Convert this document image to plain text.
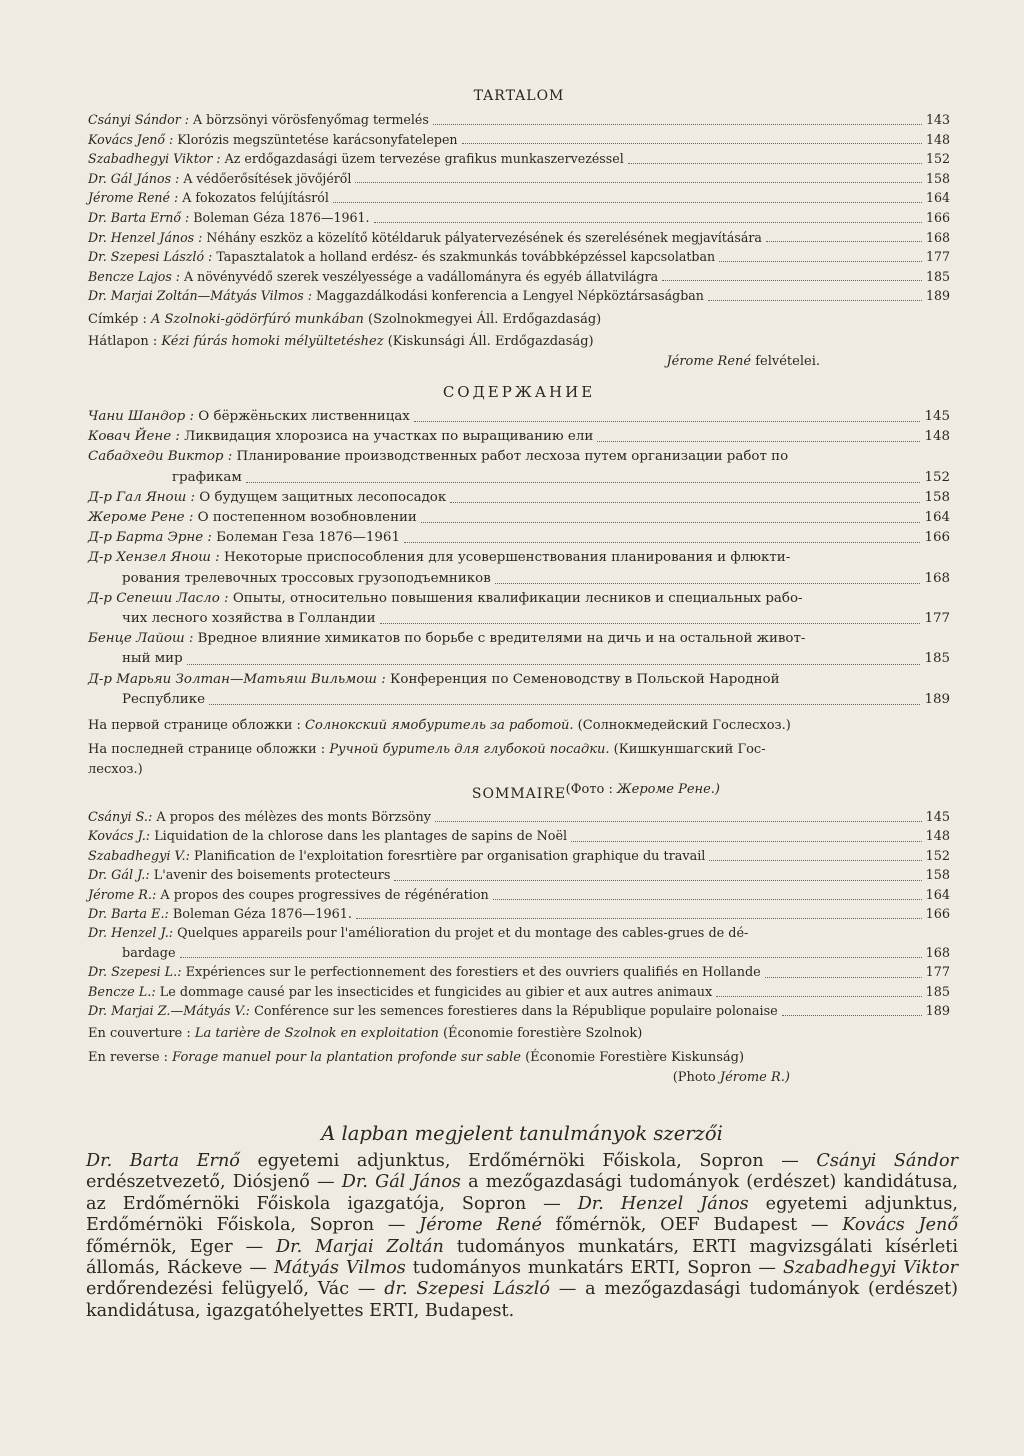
TARTALOM
Csányi Sándor :
A börzsönyi vörösfenyőmag termelés	143
Kovács Jenő :
Klorózis megszüntetése karácsonyfatelepen	148
Szabadhegyi Viktor :
Az erdőgazdasági üzem tervezése grafikus munkaszervezéssel	152
Dr. Gál János :
A védőerősítések jövőjéről	158
Jérome René :
A fokozatos felújításról	164
Dr. Barta Ernő :
Boleman Géza 1876—1961.	166
Dr. Henzel János :
Néhány eszköz a közelítő kötéldaruk pályatervezésének és szerelésének megjavítására	168
Dr. Szepesi László :
Tapasztalatok a holland erdész- és szakmunkás továbbképzéssel kapcsolatban	177
Bencze Lajos :
A növényvédő szerek veszélyessége a vadállományra és egyéb állatvilágra	185
Dr. Marjai Zoltán—Mátyás Vilmos :
Maggazdálkodási konferencia a Lengyel Népköztársaságban	189
Címkép : A Szolnoki-gödörfúró munkában (Szolnokmegyei Áll. Erdőgazdaság)
Hátlapon : Kézi fúrás homoki mélyültetéshez (Kiskunsági Áll. Erdőgazdaság)
Jérome René felvételei.
СОДЕРЖАНИЕ
Чани Шандор :
О бёржёньских лиственницах	145
Ковач Йене :
Ликвидация хлорозиса на участках по выращиванию ели	148
Сабадхеди Виктор : Планирование производственных работ лесхоза путем организации работ по
графикам	152
Д-р Гал Янош :
О будущем защитных лесопосадок	158
Жероме Рене :
О постепенном возобновлении	164
Д-р Барта Эрне :
Болеман Геза 1876—1961	166
Д-р Хензел Янош : Некоторые приспособления для усовершенствования планирования и флюкти-
рования трелевочных троссовых грузоподъемников	168
Д-р Сепеши Ласло : Опыты, относительно повышения квалификации лесников и специальных рабо-
чих лесного хозяйства в Голландии	177
Бенце Лайош : Вредное влияние химикатов по борьбе с вредителями на дичь и на остальной живот-
ный мир	185
Д-р Марьяи Золтан—Матьяш Вильмош : Конференция по Семеноводству в Польской Народной
Республике	189
На первой странице обложки : Солнокский ямобуритель за работой. (Солнокмедейский Гослесхоз.)
На последней странице обложки : Ручной буритель для глубокой посадки. (Кишкуншагский Гос-
лесхоз.)
(Фото : Жероме Рене.)
SOMMAIRE
Csányi S.:
A propos des mélèzes des monts Börzsöny	145
Kovács J.:
Liquidation de la chlorose dans les plantages de sapins de Noël	148
Szabadhegyi V.:
Planification de l'exploitation foresrtière par organisation graphique du travail	152
Dr. Gál J.:
L'avenir des boisements protecteurs	158
Jérome R.:
A propos des coupes progressives de régénération	164
Dr. Barta E.:
Boleman Géza 1876—1961.	166
Dr. Henzel J.: Quelques appareils pour l'amélioration du projet et du montage des cables-grues de dé-
bardage	168
Dr. Szepesi L.:
Expériences sur le perfectionnement des forestiers et des ouvriers qualifiés en Hollande	177
Bencze L.:
Le dommage causé par les insecticides et fungicides au gibier et aux autres animaux	185
Dr. Marjai Z.—Mátyás V.:
Conférence sur les semences forestieres dans la République populaire polonaise	189
En couverture : La tarière de Szolnok en exploitation (Économie forestière Szolnok)
En reverse : Forage manuel pour la plantation profonde sur sable (Économie Forestière Kiskunság)
(Photo Jérome R.)
A lapban megjelent tanulmányok szerzői

Dr. Barta Ernő egyetemi adjunktus, Erdőmérnöki Főiskola, Sopron — Csányi Sándor erdészetvezető, Diósjenő — Dr. Gál János a mezőgazdasági tudományok (erdészet) kandidátusa, az Erdőmérnöki Főiskola igazgatója, Sopron — Dr. Henzel János egyetemi adjunktus, Erdőmérnöki Főiskola, Sopron — Jérome René főmérnök, OEF Budapest — Kovács Jenő főmérnök, Eger — Dr. Marjai Zoltán tudományos munkatárs, ERTI magvizsgálati kísérleti állomás, Ráckeve — Mátyás Vilmos tudományos munkatárs ERTI, Sopron — Szabadhegyi Viktor erdőrendezési felügyelő, Vác — dr. Szepesi László — a mezőgazdasági tudományok (erdészet) kandidátusa, igazgatóhelyettes ERTI, Budapest.
